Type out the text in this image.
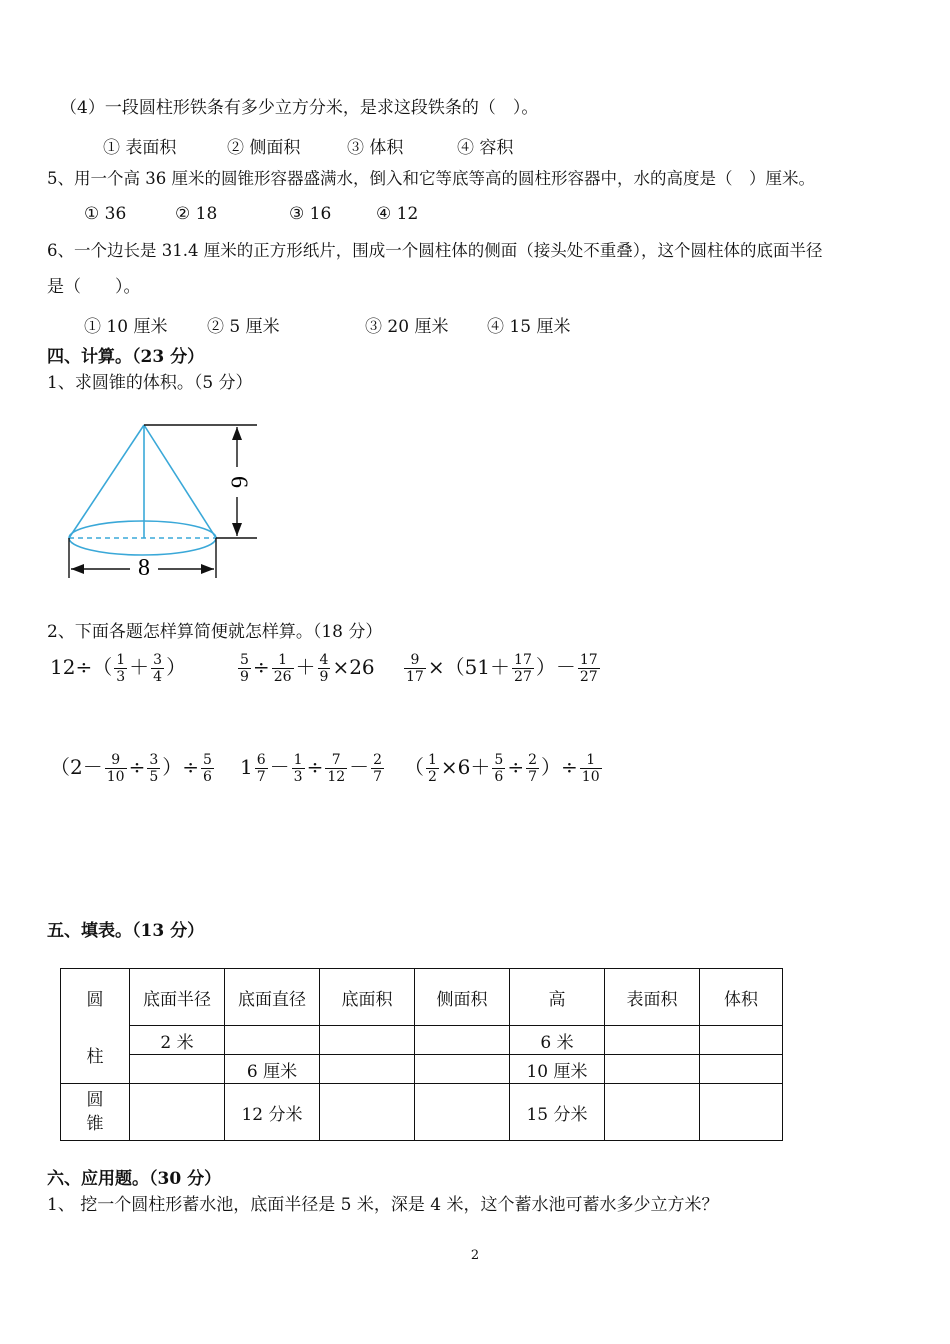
（4）一段圆柱形铁条有多少立方分米，是求这段铁条的（　）。
① 表面积	② 侧面积	③ 体积	④ 容积
5、用一个高 36 厘米的圆锥形容器盛满水，倒入和它等底等高的圆柱形容器中，水的高度是（　）厘米。
① 36	② 18	③ 16	④ 12
6、一个边长是 31.4 厘米的正方形纸片，围成一个圆柱体的侧面（接头处不重叠），这个圆柱体的底面半径
是（　　）。
① 10 厘米 ② 5 厘米	③ 20 厘米 ④ 15 厘米
四、计算。（23 分）
1、求圆锥的体积。（5 分）
6
8
2、下面各题怎样算简便就怎样算。（18 分）
$12\div( \frac{1}{3} + \frac{3}{4}$ ）	$\frac{5}{9} \div \frac{1}{26} + \frac{4}{9} \times 26 \frac{9}{17} \times(51+ \frac{17}{27}$ ）－ $\frac{17}{27}$
（$2- \frac{9}{10} \div \frac{3}{5}$ ）÷ $\frac{5}{6} 1 \frac{6}{7} - \frac{1}{3} \div \frac{7}{12} - \frac{2}{7}$ （ $\frac{1}{2} \times 6+ \frac{5}{6} \div \frac{2}{7}$ ）÷ $\frac{1}{10}$
五、填表。（13 分）
圆	底面半径	底面直径	底面积	侧面积	高	表面积	体积
柱	2 米				6 米		
		6 厘米			10 厘米		
圆
锥		12 分米			15 分米		
六、应用题。（30 分）
1、 挖一个圆柱形蓄水池，底面半径是 5 米，深是 4 米，这个蓄水池可蓄水多少立方米？
2
